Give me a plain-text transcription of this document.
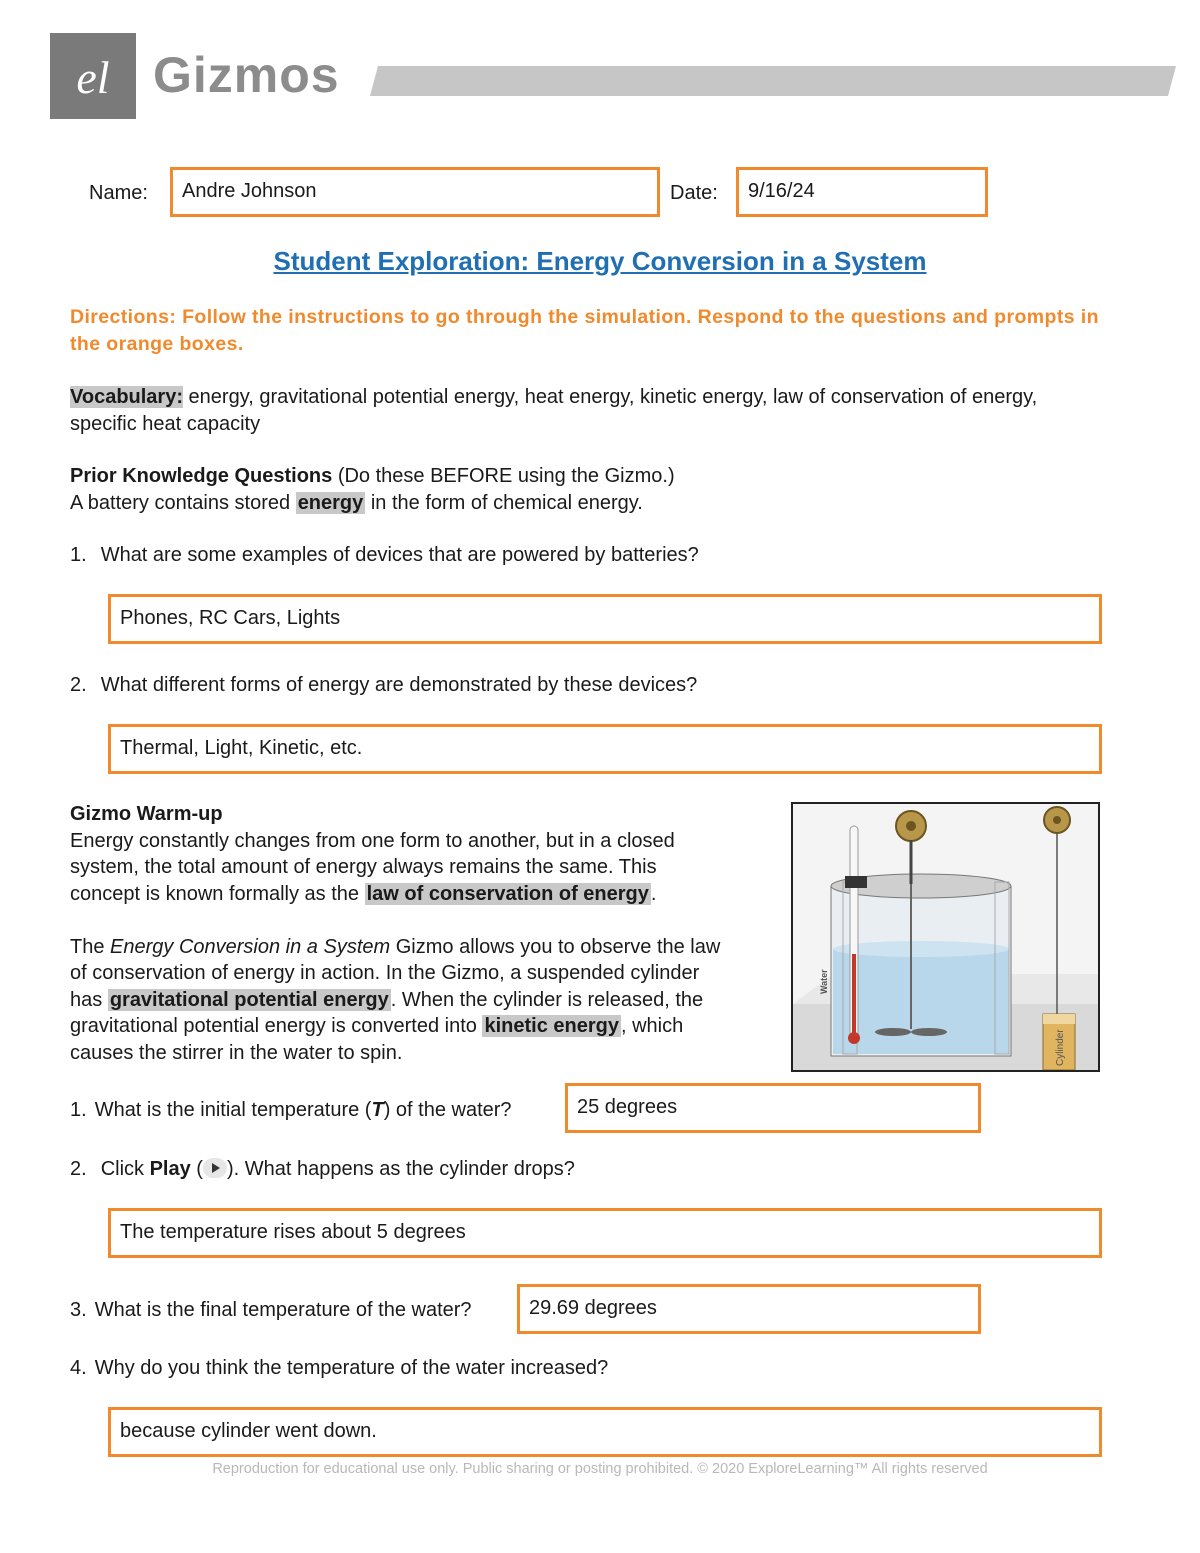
el Gizmos
Name:	Andre Johnson	Date:	9/16/24
Student Exploration: Energy Conversion in a System
Directions: Follow the instructions to go through the simulation. Respond to the questions and prompts in the orange boxes.
Vocabulary: energy, gravitational potential energy, heat energy, kinetic energy, law of conservation of energy,
specific heat capacity
Prior Knowledge Questions (Do these BEFORE using the Gizmo.)
A battery contains stored energy in the form of chemical energy.
1. What are some examples of devices that are powered by batteries?
Phones, RC Cars, Lights
2. What different forms of energy are demonstrated by these devices?
Thermal, Light, Kinetic, etc.
Gizmo Warm-up
Energy constantly changes from one form to another, but in a closed
system, the total amount of energy always remains the same. This
concept is known formally as the law of conservation of energy .

The Energy Conversion in a System Gizmo allows you to observe the law
of conservation of energy in action. In the Gizmo, a suspended cylinder
has gravitational potential energy . When the cylinder is released, the
gravitational potential energy is converted into kinetic energy , which
causes the stirrer in the water to spin.	Cylinder
Water
1. What is the initial temperature (T) of the water?	25 degrees
2. Click Play ( ). What happens as the cylinder drops?
The temperature rises about 5 degrees
3. What is the final temperature of the water?	29.69 degrees
4. Why do you think the temperature of the water increased?
because cylinder went down.
Reproduction for educational use only. Public sharing or posting prohibited. © 2020 ExploreLearning™ All rights reserved
